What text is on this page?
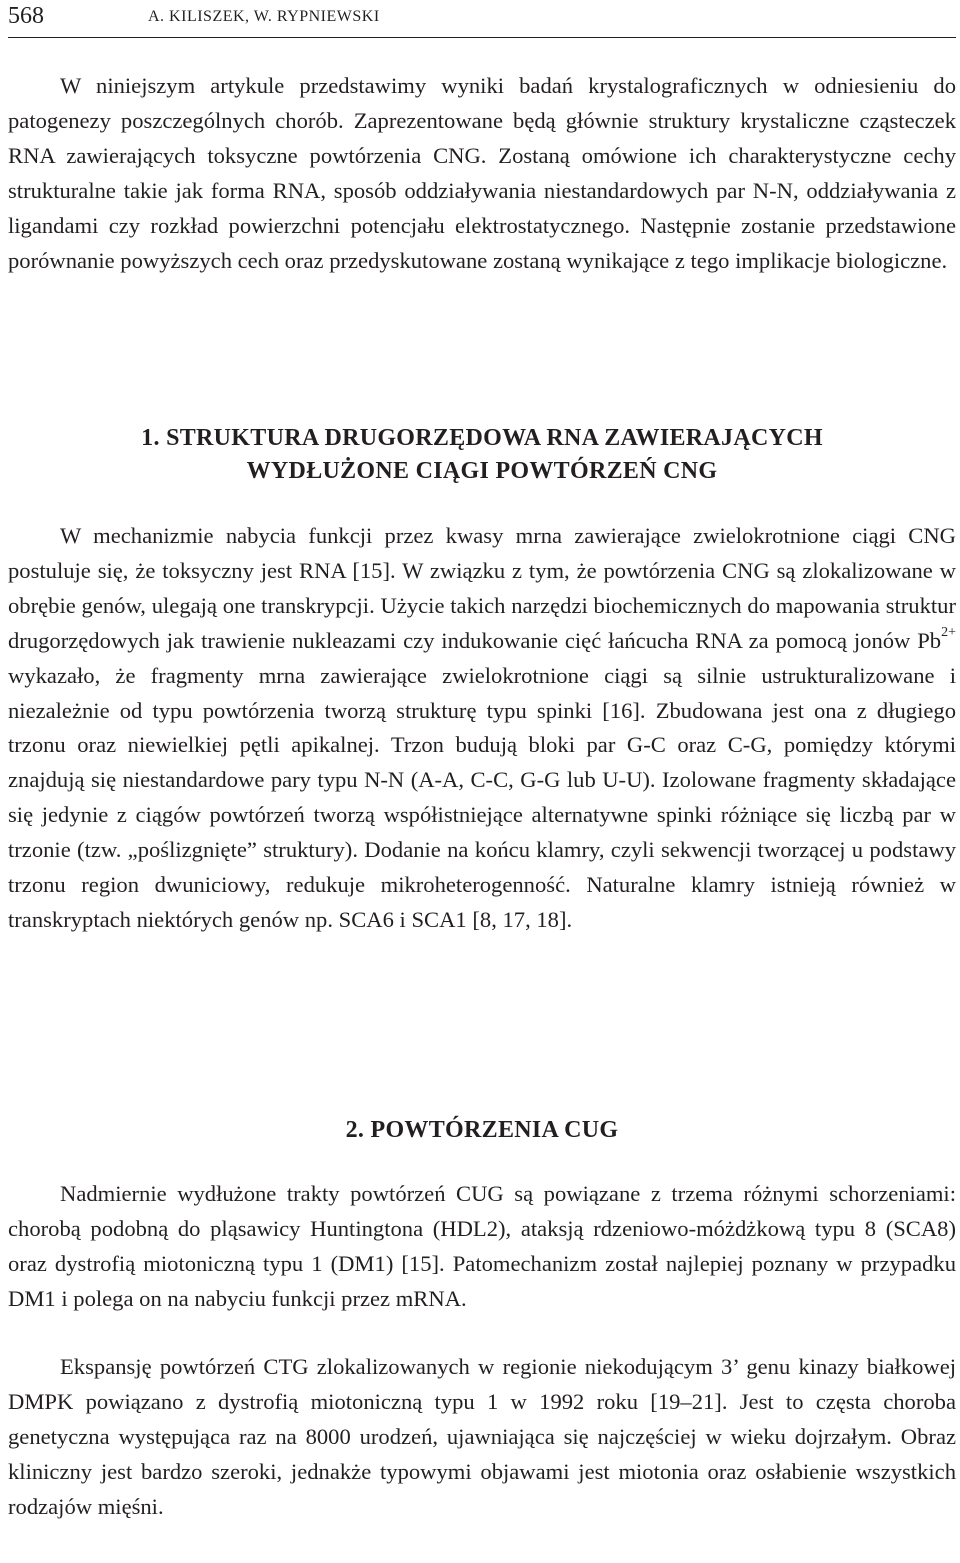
568	A. KILISZEK, W. RYPNIEWSKI

W niniejszym artykule przedstawimy wyniki badań krystalograficznych w odniesieniu do patogenezy poszczególnych chorób. Zaprezentowane będą głównie struktury krystaliczne cząsteczek RNA zawierających toksyczne powtórzenia CNG. Zostaną omówione ich charakterystyczne cechy strukturalne takie jak forma RNA, sposób oddziaływania niestandardowych par N-N, oddziaływania z ligandami czy rozkład powierzchni potencjału elektrostatycznego. Następnie zostanie przedstawione porównanie powyższych cech oraz przedyskutowane zostaną wynikające z tego implikacje biologiczne.

1. STRUKTURA DRUGORZĘDOWA RNA ZAWIERAJĄCYCH
WYDŁUŻONE CIĄGI POWTÓRZEŃ CNG

W mechanizmie nabycia funkcji przez kwasy mrna zawierające zwielokrotnione ciągi CNG postuluje się, że toksyczny jest RNA [15]. W związku z tym, że powtórzenia CNG są zlokalizowane w obrębie genów, ulegają one transkrypcji. Użycie takich narzędzi biochemicznych do mapowania struktur drugorzędowych jak trawienie nukleazami czy indukowanie cięć łańcucha RNA za pomocą jonów $Pb^{2+}$ wykazało, że fragmenty mrna zawierające zwielokrotnione ciągi są silnie ustrukturalizowane i niezależnie od typu powtórzenia tworzą strukturę typu spinki [16]. Zbudowana jest ona z długiego trzonu oraz niewielkiej pętli apikalnej. Trzon budują bloki par G-C oraz C-G, pomiędzy którymi znajdują się niestandardowe pary typu N-N (A-A, C-C, G-G lub U-U). Izolowane fragmenty składające się jedynie z ciągów powtórzeń tworzą współistniejące alternatywne spinki różniące się liczbą par w trzonie (tzw. „poślizgnięte” struktury). Dodanie na końcu klamry, czyli sekwencji tworzącej u podstawy trzonu region dwuniciowy, redukuje mikroheterogenność. Naturalne klamry istnieją również w transkryptach niektórych genów np. SCA6 i SCA1 [8, 17, 18].

2. POWTÓRZENIA CUG

Nadmiernie wydłużone trakty powtórzeń CUG są powiązane z trzema różnymi schorzeniami: chorobą podobną do pląsawicy Huntingtona (HDL2), ataksją rdzeniowo-móżdżkową typu 8 (SCA8) oraz dystrofią miotoniczną typu 1 (DM1) [15]. Patomechanizm został najlepiej poznany w przypadku DM1 i polega on na nabyciu funkcji przez mRNA.

Ekspansję powtórzeń CTG zlokalizowanych w regionie niekodującym 3’ genu kinazy białkowej DMPK powiązano z dystrofią miotoniczną typu 1 w 1992 roku [19–21]. Jest to częsta choroba genetyczna występująca raz na 8000 urodzeń, ujawniająca się najczęściej w wieku dojrzałym. Obraz kliniczny jest bardzo szeroki, jednakże typowymi objawami jest miotonia oraz osłabienie wszystkich rodzajów mięśni.
